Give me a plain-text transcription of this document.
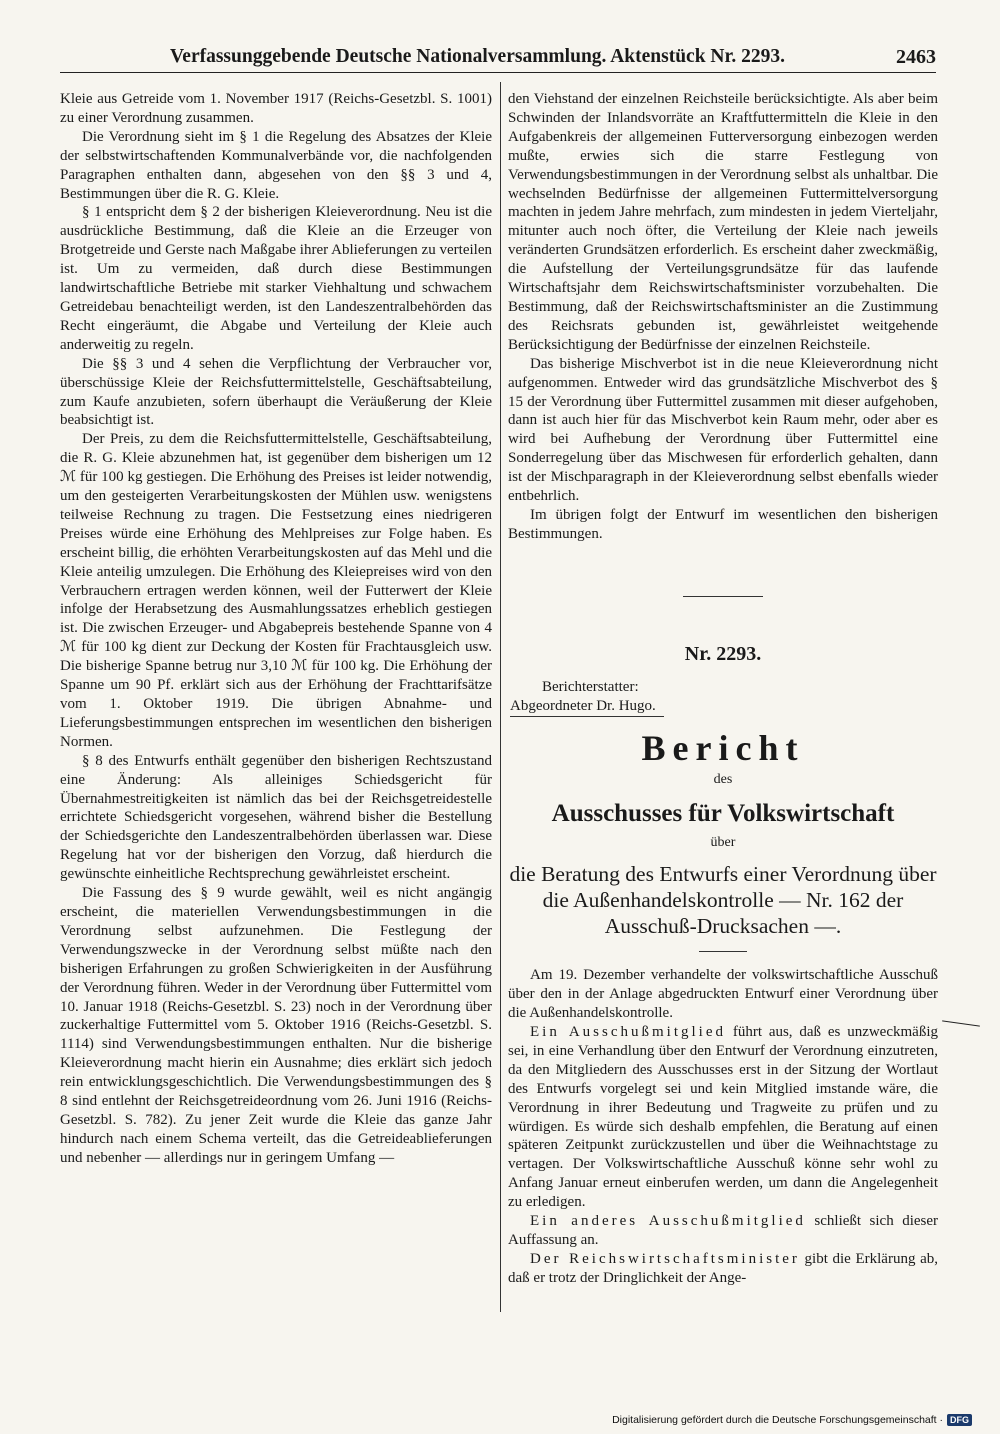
Verfassunggebende Deutsche Nationalversammlung. Aktenstück Nr. 2293.	2463

Kleie aus Getreide vom 1. November 1917 (Reichs-Gesetzbl. S. 1001) zu einer Verordnung zusammen.

Die Verordnung sieht im § 1 die Regelung des Absatzes der Kleie der selbstwirtschaftenden Kommunalverbände vor, die nachfolgenden Paragraphen enthalten dann, abgesehen von den §§ 3 und 4, Bestimmungen über die R. G. Kleie.

§ 1 entspricht dem § 2 der bisherigen Kleieverordnung. Neu ist die ausdrückliche Bestimmung, daß die Kleie an die Erzeuger von Brotgetreide und Gerste nach Maßgabe ihrer Ablieferungen zu verteilen ist. Um zu vermeiden, daß durch diese Bestimmungen landwirtschaftliche Betriebe mit starker Viehhaltung und schwachem Getreidebau benachteiligt werden, ist den Landeszentralbehörden das Recht eingeräumt, die Abgabe und Verteilung der Kleie auch anderweitig zu regeln.

Die §§ 3 und 4 sehen die Verpflichtung der Verbraucher vor, überschüssige Kleie der Reichsfuttermittelstelle, Geschäftsabteilung, zum Kaufe anzubieten, sofern überhaupt die Veräußerung der Kleie beabsichtigt ist.

Der Preis, zu dem die Reichsfuttermittelstelle, Geschäftsabteilung, die R. G. Kleie abzunehmen hat, ist gegenüber dem bisherigen um 12 ℳ für 100 kg gestiegen. Die Erhöhung des Preises ist leider notwendig, um den gesteigerten Verarbeitungskosten der Mühlen usw. wenigstens teilweise Rechnung zu tragen. Die Festsetzung eines niedrigeren Preises würde eine Erhöhung des Mehlpreises zur Folge haben. Es erscheint billig, die erhöhten Verarbeitungskosten auf das Mehl und die Kleie anteilig umzulegen. Die Erhöhung des Kleiepreises wird von den Verbrauchern ertragen werden können, weil der Futterwert der Kleie infolge der Herabsetzung des Ausmahlungssatzes erheblich gestiegen ist. Die zwischen Erzeuger- und Abgabepreis bestehende Spanne von 4 ℳ für 100 kg dient zur Deckung der Kosten für Frachtausgleich usw. Die bisherige Spanne betrug nur 3,10 ℳ für 100 kg. Die Erhöhung der Spanne um 90 Pf. erklärt sich aus der Erhöhung der Frachttarifsätze vom 1. Oktober 1919. Die übrigen Abnahme- und Lieferungsbestimmungen entsprechen im wesentlichen den bisherigen Normen.

§ 8 des Entwurfs enthält gegenüber den bisherigen Rechtszustand eine Änderung: Als alleiniges Schiedsgericht für Übernahmestreitigkeiten ist nämlich das bei der Reichsgetreidestelle errichtete Schiedsgericht vorgesehen, während bisher die Bestellung der Schiedsgerichte den Landeszentralbehörden überlassen war. Diese Regelung hat vor der bisherigen den Vorzug, daß hierdurch die gewünschte einheitliche Rechtsprechung gewährleistet erscheint.

Die Fassung des § 9 wurde gewählt, weil es nicht angängig erscheint, die materiellen Verwendungsbestimmungen in die Verordnung selbst aufzunehmen. Die Festlegung der Verwendungszwecke in der Verordnung selbst müßte nach den bisherigen Erfahrungen zu großen Schwierigkeiten in der Ausführung der Verordnung führen. Weder in der Verordnung über Futtermittel vom 10. Januar 1918 (Reichs-Gesetzbl. S. 23) noch in der Verordnung über zuckerhaltige Futtermittel vom 5. Oktober 1916 (Reichs-Gesetzbl. S. 1114) sind Verwendungsbestimmungen enthalten. Nur die bisherige Kleieverordnung macht hierin ein Ausnahme; dies erklärt sich jedoch rein entwicklungsgeschichtlich. Die Verwendungsbestimmungen des § 8 sind entlehnt der Reichsgetreideordnung vom 26. Juni 1916 (Reichs-Gesetzbl. S. 782). Zu jener Zeit wurde die Kleie das ganze Jahr hindurch nach einem Schema verteilt, das die Getreideablieferungen und nebenher — allerdings nur in geringem Umfang —

den Viehstand der einzelnen Reichsteile berücksichtigte. Als aber beim Schwinden der Inlandsvorräte an Kraftfuttermitteln die Kleie in den Aufgabenkreis der allgemeinen Futterversorgung einbezogen werden mußte, erwies sich die starre Festlegung von Verwendungsbestimmungen in der Verordnung selbst als unhaltbar. Die wechselnden Bedürfnisse der allgemeinen Futtermittelversorgung machten in jedem Jahre mehrfach, zum mindesten in jedem Vierteljahr, mitunter auch noch öfter, die Verteilung der Kleie nach jeweils veränderten Grundsätzen erforderlich. Es erscheint daher zweckmäßig, die Aufstellung der Verteilungsgrundsätze für das laufende Wirtschaftsjahr dem Reichswirtschaftsminister vorzubehalten. Die Bestimmung, daß der Reichswirtschaftsminister an die Zustimmung des Reichsrats gebunden ist, gewährleistet weitgehende Berücksichtigung der Bedürfnisse der einzelnen Reichsteile.

Das bisherige Mischverbot ist in die neue Kleieverordnung nicht aufgenommen. Entweder wird das grundsätzliche Mischverbot des § 15 der Verordnung über Futtermittel zusammen mit dieser aufgehoben, dann ist auch hier für das Mischverbot kein Raum mehr, oder aber es wird bei Aufhebung der Verordnung über Futtermittel eine Sonderregelung über das Mischwesen für erforderlich gehalten, dann ist der Mischparagraph in der Kleieverordnung selbst ebenfalls wieder entbehrlich.

Im übrigen folgt der Entwurf im wesentlichen den bisherigen Bestimmungen.

Nr. 2293.
Berichterstatter:
Abgeordneter Dr. Hugo.
Bericht
des
Ausschusses für Volkswirtschaft
über
die Beratung des Entwurfs einer Verordnung über die Außenhandelskontrolle — Nr. 162 der Ausschuß-Drucksachen —.

Am 19. Dezember verhandelte der volkswirtschaftliche Ausschuß über den in der Anlage abgedruckten Entwurf einer Verordnung über die Außenhandelskontrolle.

Ein Ausschußmitglied führt aus, daß es unzweckmäßig sei, in eine Verhandlung über den Entwurf der Verordnung einzutreten, da den Mitgliedern des Ausschusses erst in der Sitzung der Wortlaut des Entwurfs vorgelegt sei und kein Mitglied imstande wäre, die Verordnung in ihrer Bedeutung und Tragweite zu prüfen und zu würdigen. Es würde sich deshalb empfehlen, die Beratung auf einen späteren Zeitpunkt zurückzustellen und über die Weihnachtstage zu vertagen. Der Volkswirtschaftliche Ausschuß könne sehr wohl zu Anfang Januar erneut einberufen werden, um dann die Angelegenheit zu erledigen.

Ein anderes Ausschußmitglied schließt sich dieser Auffassung an.

Der Reichswirtschaftsminister gibt die Erklärung ab, daß er trotz der Dringlichkeit der Ange-

Digitalisierung gefördert durch die Deutsche Forschungsgemeinschaft · DFG
